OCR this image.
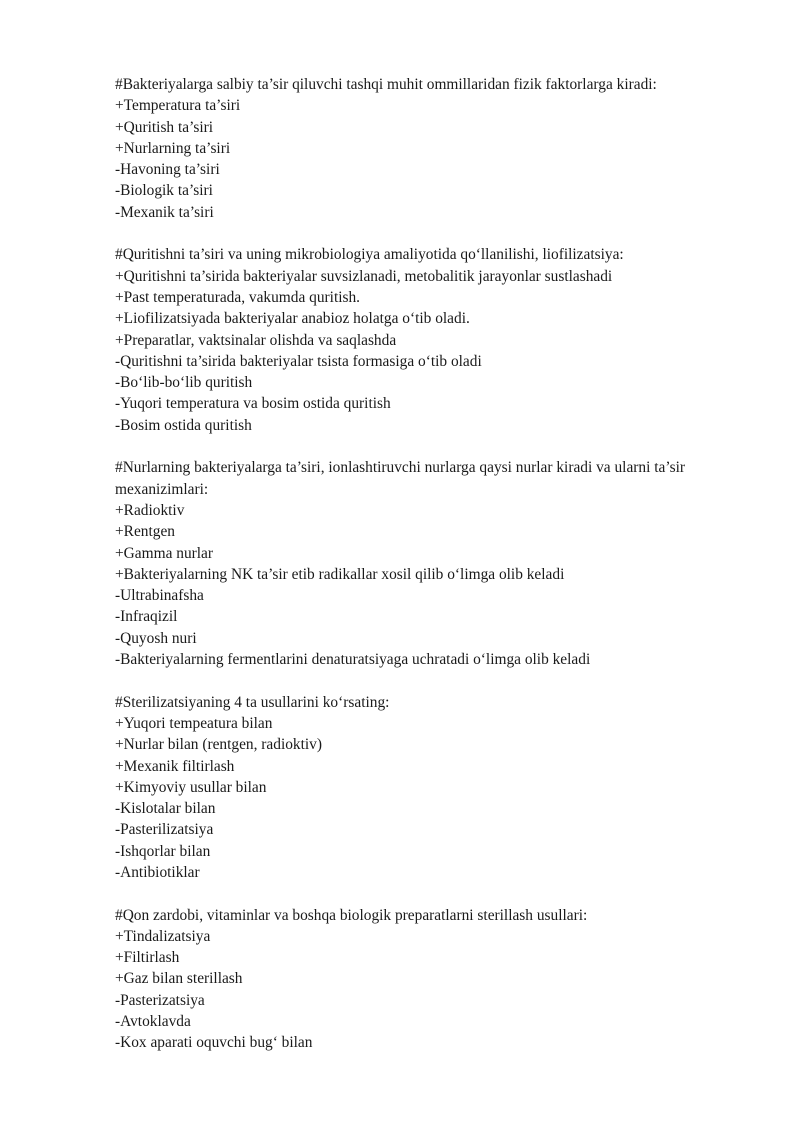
#Bakteriyalarga salbiy ta’sir qiluvchi tashqi muhit ommillaridan fizik faktorlarga kiradi:
+Temperatura ta’siri
+Quritish ta’siri
+Nurlarning ta’siri
-Havoning ta’siri
-Biologik ta’siri
-Mexanik ta’siri
#Quritishni ta’siri va uning mikrobiologiya amaliyotida qoʻllanilishi, liofilizatsiya:
+Quritishni ta’sirida bakteriyalar suvsizlanadi, metobalitik jarayonlar sustlashadi
+Past temperaturada, vakumda quritish.
+Liofilizatsiyada bakteriyalar anabioz holatga oʻtib oladi.
+Preparatlar, vaktsinalar olishda va saqlashda
-Quritishni ta’sirida bakteriyalar tsista formasiga oʻtib oladi
-Boʻlib-boʻlib quritish
-Yuqori temperatura va bosim ostida quritish
-Bosim ostida quritish
#Nurlarning bakteriyalarga ta’siri, ionlashtiruvchi nurlarga qaysi nurlar kiradi va ularni ta’sir mexanizimlari:
+Radioktiv
+Rentgen
+Gamma nurlar
+Bakteriyalarning NK ta’sir etib radikallar xosil qilib oʻlimga olib keladi
-Ultrabinafsha
-Infraqizil
-Quyosh nuri
-Bakteriyalarning fermentlarini denaturatsiyaga uchratadi oʻlimga olib keladi
#Sterilizatsiyaning 4 ta usullarini koʻrsating:
+Yuqori tempeatura bilan
+Nurlar bilan (rentgen, radioktiv)
+Mexanik filtirlash
+Kimyoviy usullar bilan
-Kislotalar bilan
-Pasterilizatsiya
-Ishqorlar bilan
-Antibiotiklar
#Qon zardobi, vitaminlar va boshqa biologik preparatlarni sterillash usullari:
+Tindalizatsiya
+Filtirlash
+Gaz bilan sterillash
-Pasterizatsiya
-Avtoklavda
-Kox aparati oquvchi bugʻ bilan
